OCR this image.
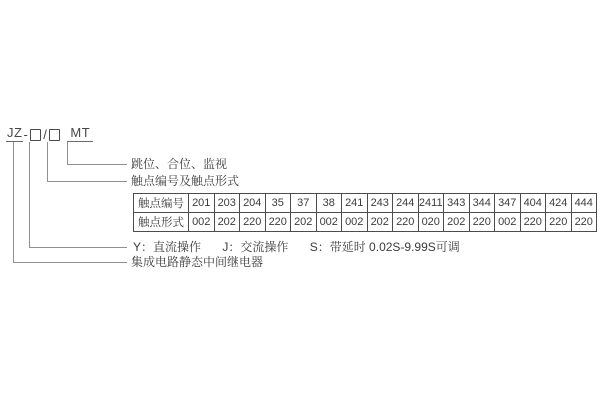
JZ - / MT
跳位、合位、监视
触点编号及触点形式
Y：直流操作 J：交流操作 S：带延时 0.02S-9.99S可调
集成电路静态中间继电器
触点编号	201	203	204	35	37	38	241	243	244	2411	343	344	347	404	424	444
触点形式	002	202	220	220	202	002	002	202	220	020	202	220	002	220	220	220
